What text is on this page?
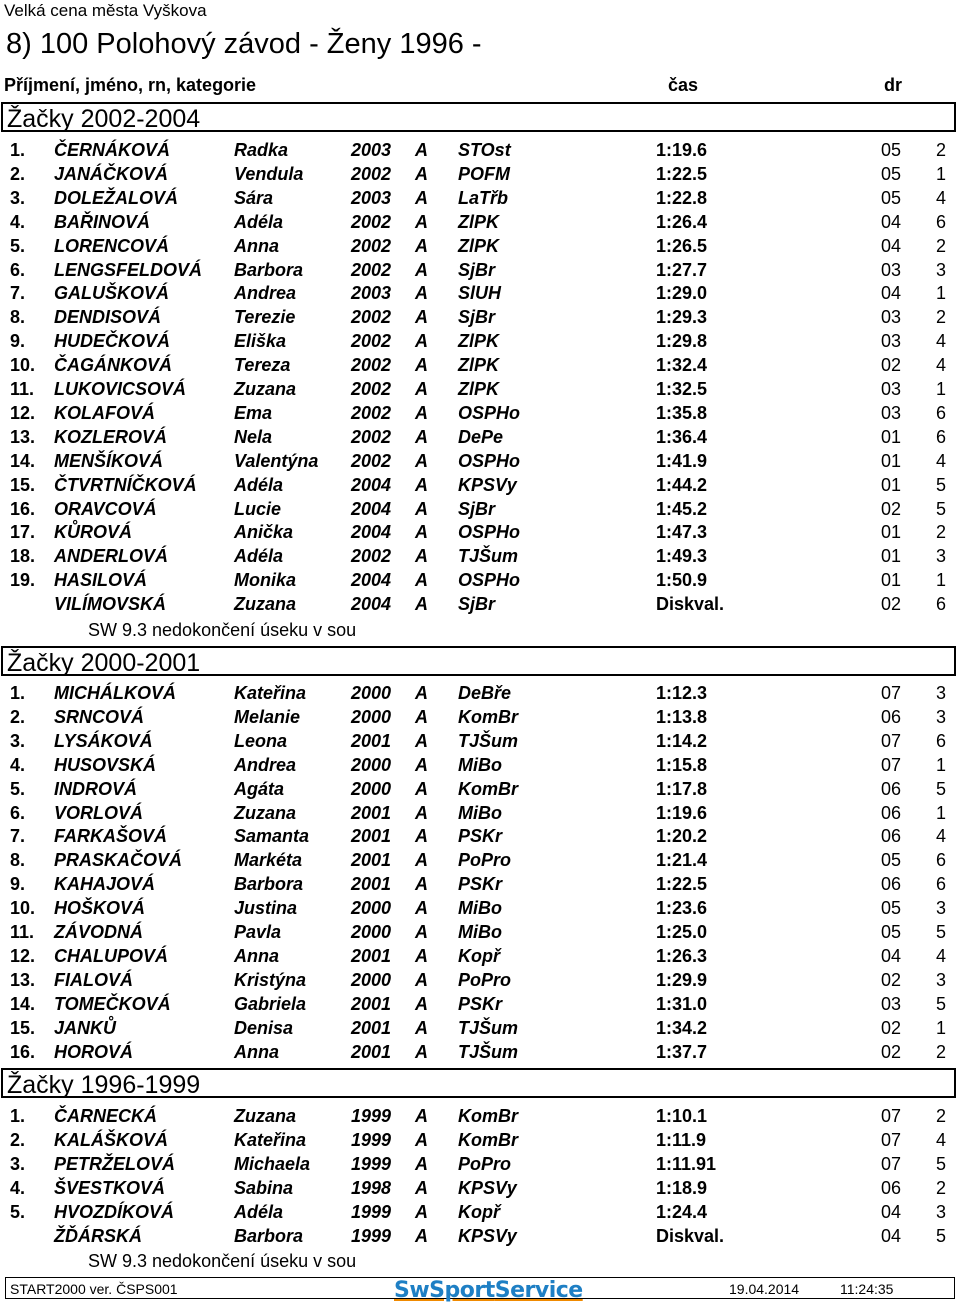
Velká cena města Vyškova
8) 100 Polohový závod - Ženy 1996 -
Příjmení, jméno, rn, kategorie	čas	dr
Žačky 2002-2004
1. ČERNÁKOVÁ	Radka	2003 A STOst	1:19.6	05 2
2. JANÁČKOVÁ	Vendula	2002 A POFM	1:22.5	05 1
3. DOLEŽALOVÁ	Sára	2003 A LaTřb	1:22.8	05 4
4. BAŘINOVÁ	Adéla	2002 A ZlPK	1:26.4	04 6
5. LORENCOVÁ	Anna	2002 A ZlPK	1:26.5	04 2
6. LENGSFELDOVÁ Barbora	2002 A SjBr	1:27.7	03 3
7. GALUŠKOVÁ	Andrea	2003 A SlUH	1:29.0	04 1
8. DENDISOVÁ	Terezie	2002 A SjBr	1:29.3	03 2
9. HUDEČKOVÁ	Eliška	2002 A ZlPK	1:29.8	03 4
10. ČAGÁNKOVÁ	Tereza	2002 A ZlPK	1:32.4	02 4
11. LUKOVICSOVÁ	Zuzana	2002 A ZlPK	1:32.5	03 1
12. KOLAFOVÁ	Ema	2002 A OSPHo	1:35.8	03 6
13. KOZLEROVÁ	Nela	2002 A DePe	1:36.4	01 6
14. MENŠÍKOVÁ	Valentýna 2002 A OSPHo	1:41.9	01 4
15. ČTVRTNÍČKOVÁ Adéla	2004 A KPSVy	1:44.2	01 5
16. ORAVCOVÁ	Lucie	2004 A SjBr	1:45.2	02 5
17. KŮROVÁ	Anička	2004 A OSPHo	1:47.3	01 2
18. ANDERLOVÁ	Adéla	2002 A TJŠum	1:49.3	01 3
19. HASILOVÁ	Monika	2004 A OSPHo	1:50.9	01 1
VILÍMOVSKÁ	Zuzana	2004 A SjBr	Diskval.	02 6
SW 9.3 nedokončení úseku v sou
Žačky 2000-2001
1. MICHÁLKOVÁ	Kateřina 2000 A DeBře	1:12.3	07 3
2. SRNCOVÁ	Melanie	2000 A KomBr	1:13.8	06 3
3. LYSÁKOVÁ	Leona	2001 A TJŠum	1:14.2	07 6
4. HUSOVSKÁ	Andrea	2000 A MiBo	1:15.8	07 1
5. INDROVÁ	Agáta	2000 A KomBr	1:17.8	06 5
6. VORLOVÁ	Zuzana	2001 A MiBo	1:19.6	06 1
7. FARKAŠOVÁ	Samanta 2001 A PSKr	1:20.2	06 4
8. PRASKAČOVÁ	Markéta	2001 A PoPro	1:21.4	05 6
9. KAHAJOVÁ	Barbora	2001 A PSKr	1:22.5	06 6
10. HOŠKOVÁ	Justina	2000 A MiBo	1:23.6	05 3
11. ZÁVODNÁ	Pavla	2000 A MiBo	1:25.0	05 5
12. CHALUPOVÁ	Anna	2001 A Kopř	1:26.3	04 4
13. FIALOVÁ	Kristýna 2000 A PoPro	1:29.9	02 3
14. TOMEČKOVÁ	Gabriela 2001 A PSKr	1:31.0	03 5
15. JANKŮ	Denisa	2001 A TJŠum	1:34.2	02 1
16. HOROVÁ	Anna	2001 A TJŠum	1:37.7	02 2
Žačky 1996-1999
1. ČARNECKÁ	Zuzana	1999 A KomBr	1:10.1	07 2
2. KALÁŠKOVÁ	Kateřina 1999 A KomBr	1:11.9	07 4
3. PETRŽELOVÁ	Michaela 1999 A PoPro	1:11.91	07 5
4. ŠVESTKOVÁ	Sabina	1998 A KPSVy	1:18.9	06 2
5. HVOZDÍKOVÁ	Adéla	1999 A Kopř	1:24.4	04 3
ŽĎÁRSKÁ	Barbora	1999 A KPSVy	Diskval.	04 5
SW 9.3 nedokončení úseku v sou
START2000 ver. ČSPS001	SwSportService	19.04.2014	11:24:35
